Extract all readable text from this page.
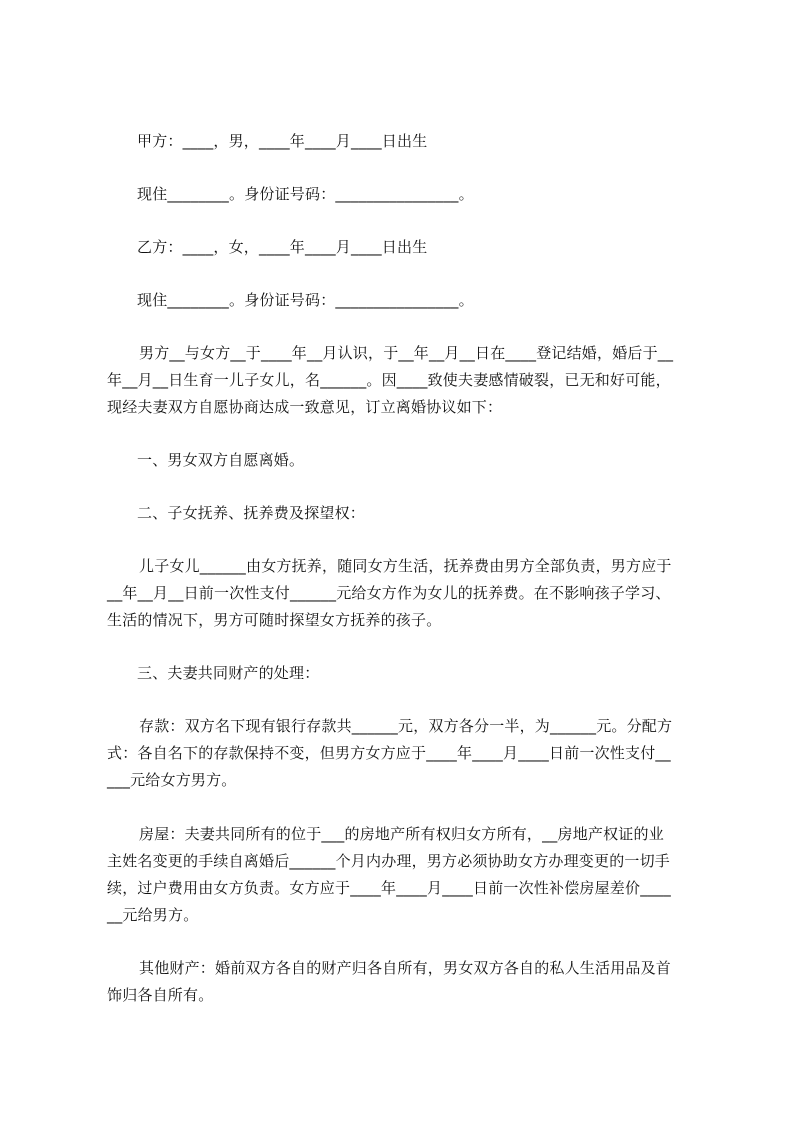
甲方：____，男，____年____月____日出生
现住________。身份证号码：________________。
乙方：____，女，____年____月____日出生
现住________。身份证号码：________________。
男方__与女方__于____年__月认识，于__年__月__日在____登记结婚，婚后于__
年__月__日生育一儿子女儿，名______。因____致使夫妻感情破裂，已无和好可能，
现经夫妻双方自愿协商达成一致意见，订立离婚协议如下：
一、男女双方自愿离婚。
二、子女抚养、抚养费及探望权：
儿子女儿______由女方抚养，随同女方生活，抚养费由男方全部负责，男方应于
__年__月__日前一次性支付______元给女方作为女儿的抚养费。在不影响孩子学习、
生活的情况下，男方可随时探望女方抚养的孩子。
三、夫妻共同财产的处理：
存款：双方名下现有银行存款共______元，双方各分一半，为______元。分配方
式：各自名下的存款保持不变，但男方女方应于____年____月____日前一次性支付__
___元给女方男方。
房屋：夫妻共同所有的位于___的房地产所有权归女方所有，__房地产权证的业
主姓名变更的手续自离婚后______个月内办理，男方必须协助女方办理变更的一切手
续，过户费用由女方负责。女方应于____年____月____日前一次性补偿房屋差价____
__元给男方。
其他财产：婚前双方各自的财产归各自所有，男女双方各自的私人生活用品及首
饰归各自所有。
